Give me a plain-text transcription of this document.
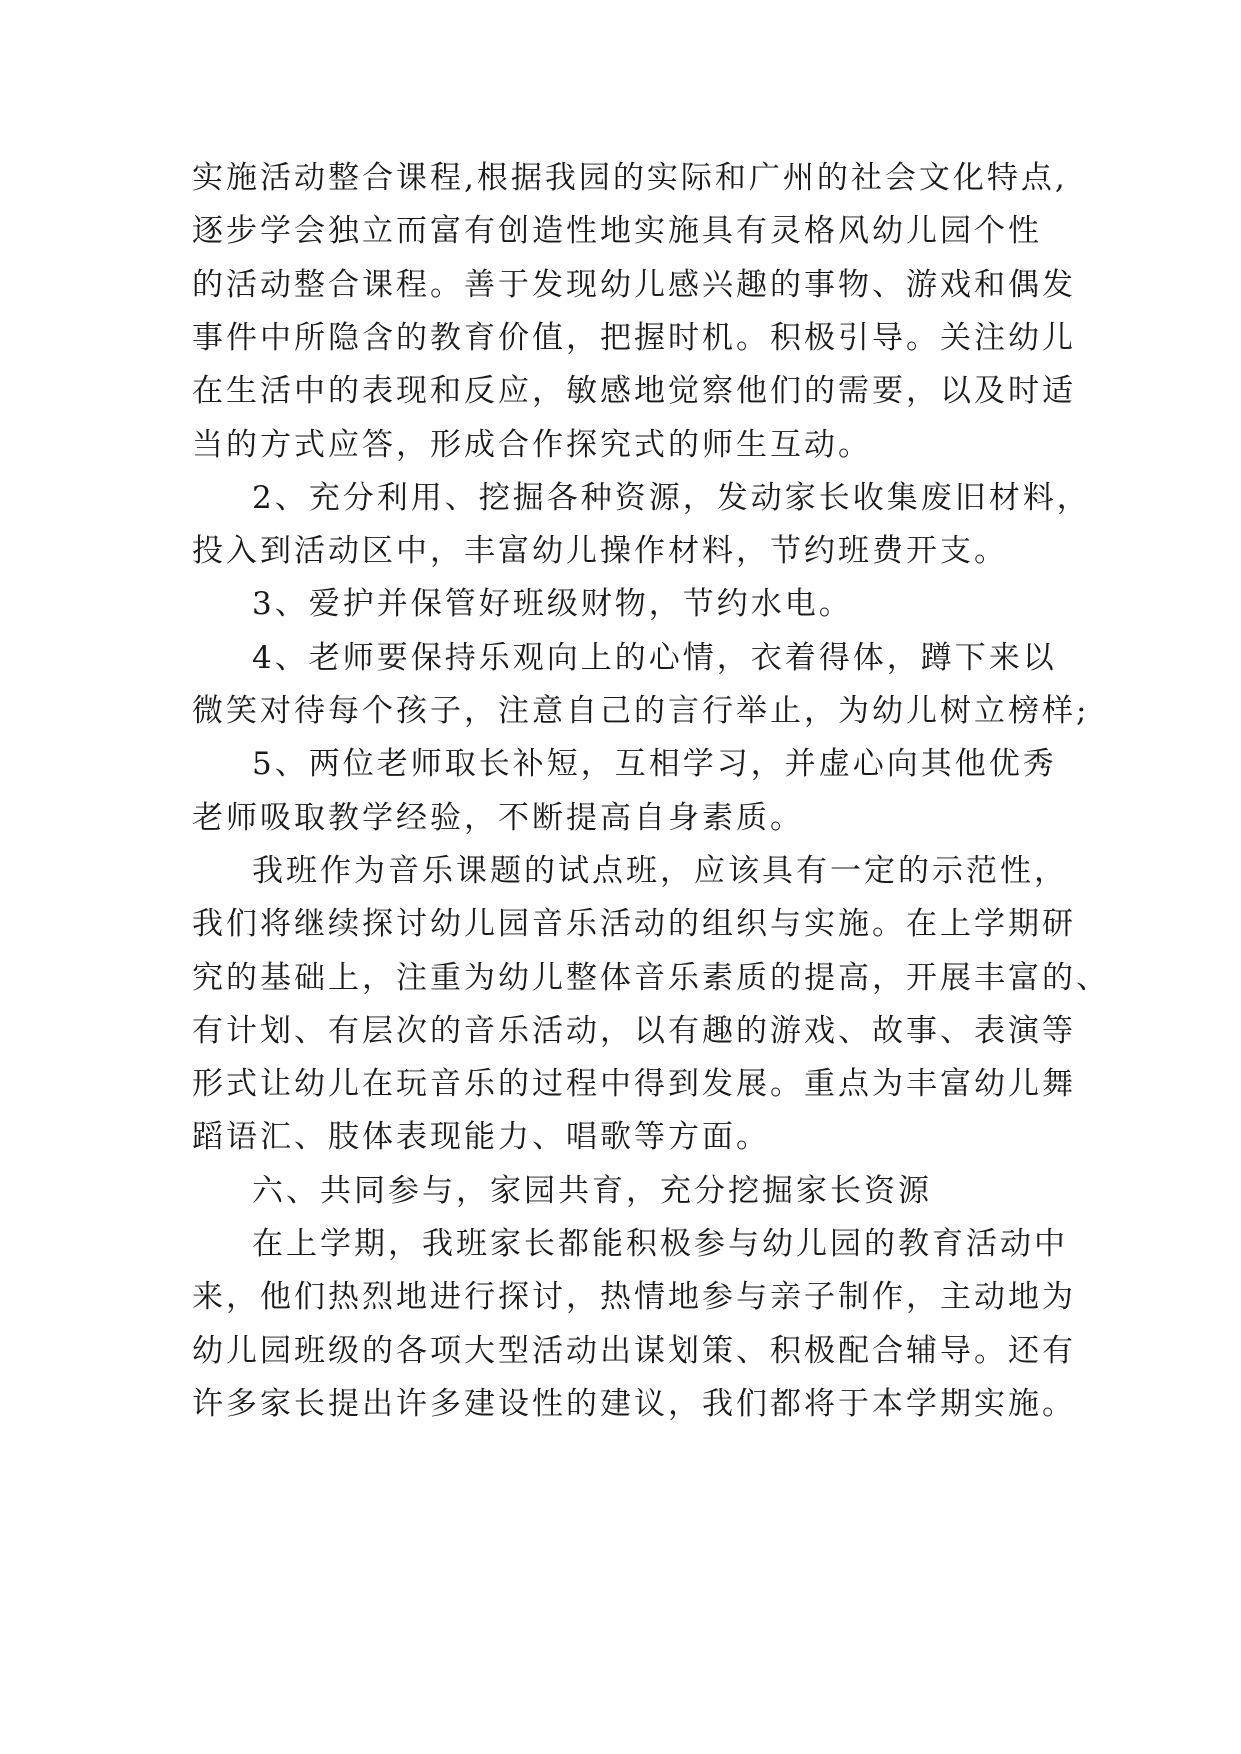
实施活动整合课程,根据我园的实际和广州的社会文化特点,
逐步学会独立而富有创造性地实施具有灵格风幼儿园个性
的活动整合课程。善于发现幼儿感兴趣的事物、游戏和偶发
事件中所隐含的教育价值，把握时机。积极引导。关注幼儿
在生活中的表现和反应，敏感地觉察他们的需要，以及时适
当的方式应答，形成合作探究式的师生互动。
2、充分利用、挖掘各种资源，发动家长收集废旧材料，
投入到活动区中，丰富幼儿操作材料，节约班费开支。
3、爱护并保管好班级财物，节约水电。
4、老师要保持乐观向上的心情，衣着得体，蹲下来以
微笑对待每个孩子，注意自己的言行举止，为幼儿树立榜样;
5、两位老师取长补短，互相学习，并虚心向其他优秀
老师吸取教学经验，不断提高自身素质。
我班作为音乐课题的试点班，应该具有一定的示范性，
我们将继续探讨幼儿园音乐活动的组织与实施。在上学期研
究的基础上，注重为幼儿整体音乐素质的提高，开展丰富的、
有计划、有层次的音乐活动，以有趣的游戏、故事、表演等
形式让幼儿在玩音乐的过程中得到发展。重点为丰富幼儿舞
蹈语汇、肢体表现能力、唱歌等方面。
六、共同参与，家园共育，充分挖掘家长资源
在上学期，我班家长都能积极参与幼儿园的教育活动中
来，他们热烈地进行探讨，热情地参与亲子制作，主动地为
幼儿园班级的各项大型活动出谋划策、积极配合辅导。还有
许多家长提出许多建设性的建议，我们都将于本学期实施。
